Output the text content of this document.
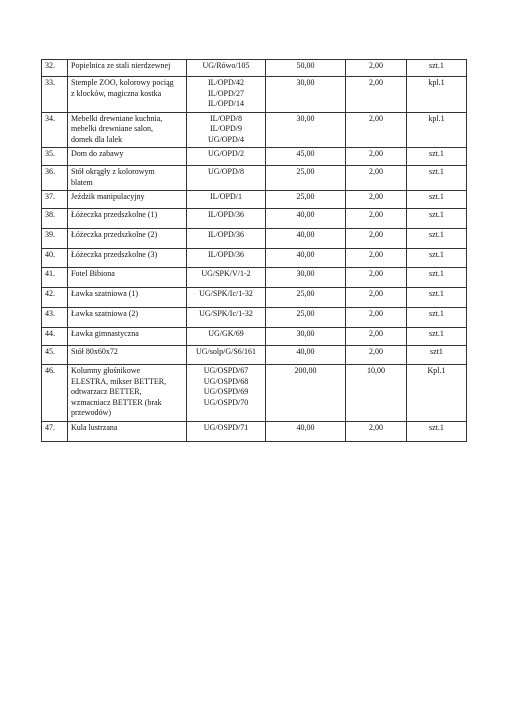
32.	Popielnica ze stali nierdzewnej	UG/Rówo/105	50,00	2,00	szt.1
33.	Stemple ZOO, kolorowy pociąg
z klocków, magiczna kostka	IL/OPD/42
IL/OPD/27
IL/OPD/14	30,00	2,00	kpl.1
34.	Mebelki drewniane kuchnia,
mebelki drewniane salon,
domek dla lalek	IL/OPD/8
IL/OPD/9
UG/OPD/4	30,00	2,00	kpl.1
35.	Dom do zabawy	UG/OPD/2	45,00	2,00	szt.1
36.	Stół okrągły z kolorowym
blatem	UG/OPD/8	25,00	2,00	szt.1
37.	Jeździk manipulacyjny	IL/OPD/1	25,00	2,00	szt.1
38.	Łóżeczka przedszkolne (1)	IL/OPD/36	40,00	2,00	szt.1
39.	Łóżeczka przedszkolne (2)	IL/OPD/36	40,00	2,00	szt.1
40.	Łóżeczka przedszkolne (3)	IL/OPD/36	40,00	2,00	szt.1
41.	Fotel Bibiona	UG/SPK/V/1-2	30,00	2,00	szt.1
42.	Ławka szatniowa (1)	UG/SPK/Ic/1-32	25,00	2,00	szt.1
43.	Ławka szatniowa (2)	UG/SPK/Ic/1-32	25,00	2,00	szt.1
44.	Ławka gimnastyczna	UG/GK/69	30,00	2,00	szt.1
45.	Stół 80x60x72	UG/solp/G/S6/161	40,00	2,00	szt1
46.	Kolumny głośnikowe
ELESTRA, mikser BETTER,
odtwarzacz BETTER,
wzmacniacz BETTER (brak
przewodów)	UG/OSPD/67
UG/OSPD/68
UG/OSPD/69
UG/OSPD/70	200,00	10,00	Kpl.1
47.	Kula lustrzana	UG/OSPD/71	40,00	2,00	szt.1
